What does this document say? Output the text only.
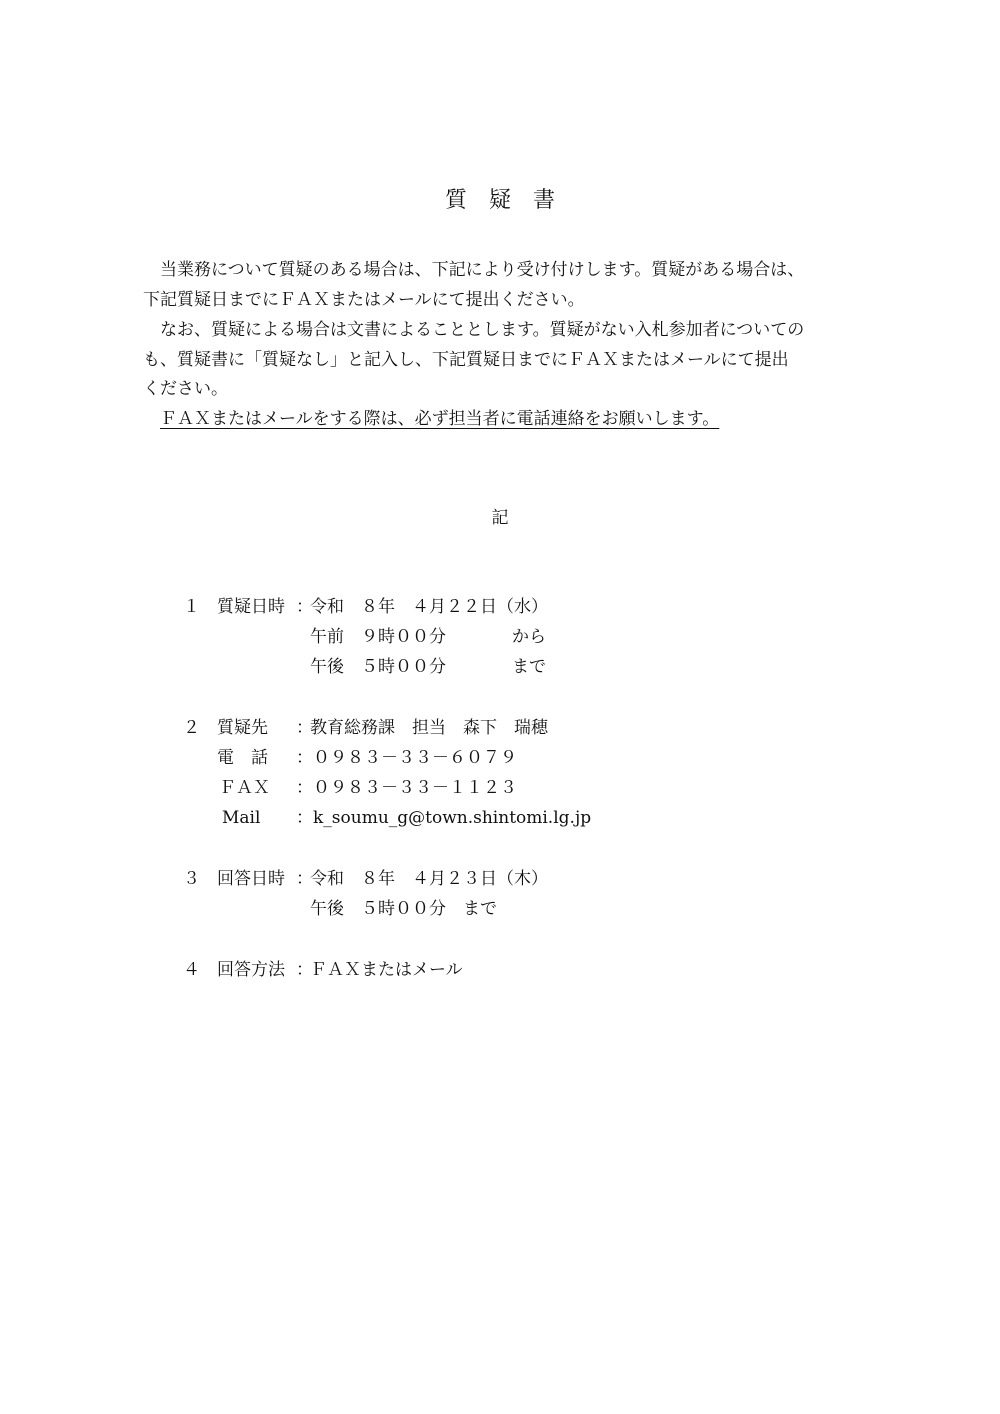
質　疑　書
　当業務について質疑のある場合は、下記により受け付けします。質疑がある場合は、
下記質疑日までにＦＡＸまたはメールにて提出ください。
　なお、質疑による場合は文書によることとします。質疑がない入札参加者についての
も、質疑書に「質疑なし」と記入し、下記質疑日までにＦＡＸまたはメールにて提出
ください。
　ＦＡＸまたはメールをする際は、必ず担当者に電話連絡をお願いします。
記
１ 質疑日時 ：
令和　８年　４月２２日（水）
午前　９時００分	から
午後　５時００分	まで
２ 質疑先 ：
教育総務課　担当　森下　瑞穂
電　話 ：０９８３－３３－６０７９
ＦＡＸ ：０９８３－３３－１１２３
Mail ：k_soumu_g@town.shintomi.lg.jp
３ 回答日時 ：
令和　８年　４月２３日（木）
午後　５時００分　まで
４ 回答方法 ：
ＦＡＸまたはメール
